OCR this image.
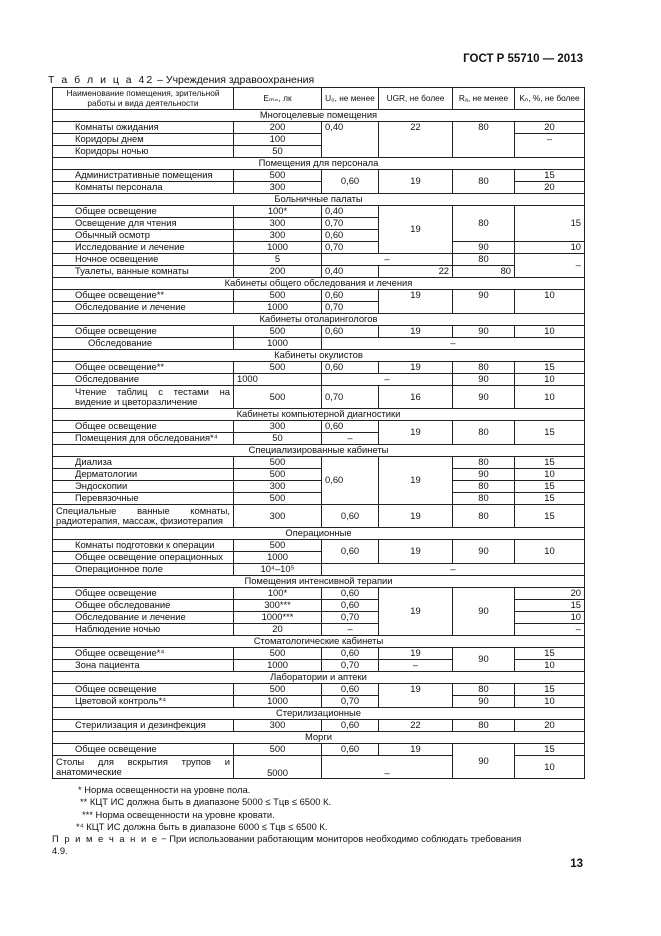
ГОСТ Р 55710 — 2013
Т а б л и ц а 42 – Учреждения здравоохранения
Наименование помещения, зрительной работы и вида деятельности	Eₘ₌, лк	U₀, не менее	UGR, не более	Rₐ, не менее	Kₙ, %, не более
Многоцелевые помещения					
Комнаты ожидания	200	0,40	22	80	20
Коридоры днем	100				–
Коридоры ночью	50				
Помещения для персонала					
Административные помещения	500	0,60	19	80	15
Комнаты персонала	300				20
Больничные палаты					
Общее освещение	100*	0,40	19	80	15
Освещение для чтения	300	0,70			
Обычный осмотр	300	0,60			
Исследование и лечение	1000	0,70		90	10
Ночное освещение	5	–		80	–
Туалеты, ванные комнаты	200	0,40	22	80	
Кабинеты общего обследования и лечения					
Общее освещение**	500	0,60	19	90	10
Обследование и лечение	1000	0,70			
Кабинеты отоларингологов					
Общее освещение	500	0,60	19	90	10
Обследование	1000	–			
Кабинеты окулистов					
Общее освещение**	500	0,60	19	80	15
Обследование	1000	–		90	10
Чтение таблиц с тестами на видение и цветоразличение	500	0,70	16	90	10
Кабинеты компьютерной диагностики					
Общее освещение	300	0,60	19	80	15
Помещения для обследования*⁴	50	–			
Специализированные кабинеты					
Диализа	500	0,60	19	80	15
Дерматологии	500			90	10
Эндоскопии	300			80	15
Перевязочные	500			80	15
Специальные ванные комнаты, радиотерапия, массаж, физиотерапия	300	0,60	19	80	15
Операционные					
Комнаты подготовки к операции	500	0,60	19	90	10
Общее освещение операционных	1000				
Операционное поле	10⁴–10⁵	–			
Помещения интенсивной терапии					
Общее освещение	100*	0,60	19	90	20
Общее обследование	300***	0,60			15
Обследование и лечение	1000***	0,70			10
Наблюдение ночью	20	–			–
Стоматологические кабинеты					
Общее освещение*⁴	500	0,60	19	90	15
Зона пациента	1000	0,70	–		10
Лаборатории и аптеки					
Общее освещение	500	0,60	19	80	15
Цветовой контроль*⁴	1000	0,70		90	10
Стерилизационные					
Стерилизация и дезинфекция	300	0,60	22	80	20
Морги					
Общее освещение	500	0,60	19	90	15
Столы для вскрытия трупов и анатомические	5000	–			10
* Норма освещенности на уровне пола.
** КЦТ ИС должна быть в диапазоне 5000 ≤ Tцв ≤ 6500 К.
*** Норма освещенности на уровне кровати.
*⁴ КЦТ ИС должна быть в диапазоне 6000 ≤ Tцв ≤ 6500 К.
П р и м е ч а н и е − При использовании работающим мониторов необходимо соблюдать требования
4.9.
13
